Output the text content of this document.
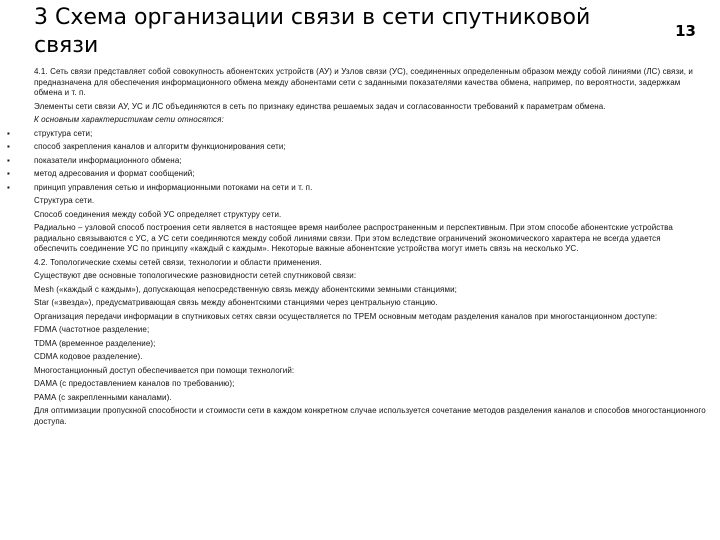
3 Схема организации связи в сети спутниковой связи
13
4.1. Сеть связи представляет собой совокупность абонентских устройств (АУ) и Узлов связи (УС), соединенных определенным образом между собой линиями (ЛС) связи, и предназначена для обеспечения информационного обмена между абонентами сети с заданными показателями качества обмена, например, по вероятности, задержкам обмена и т. п.
Элементы сети связи АУ, УС и ЛС объединяются в сеть по признаку единства решаемых задач и согласованности требований к параметрам обмена.
К основным характеристикам сети относятся:
▪	структура сети;
▪	способ закрепления каналов и алгоритм функционирования сети;
▪	показатели информационного обмена;
▪	метод адресования и формат сообщений;
▪	принцип управления сетью и информационными потоками на сети и т. п.
Структура сети.
Способ соединения между собой УС определяет структуру сети.
Радиально – узловой способ построения сети является в настоящее время наиболее распространенным и перспективным. При этом способе абонентские устройства радиально связываются с УС, а УС сети соединяются между собой линиями связи. При этом вследствие ограничений экономического характера не всегда удается обеспечить соединение УС по принципу «каждый с каждым». Некоторые важные абонентские устройства могут иметь связь на несколько УС.
4.2. Топологические схемы сетей связи, технологии и области применения.
Существуют две основные топологические разновидности сетей спутниковой связи:
Mesh («каждый с каждым»), допускающая непосредственную связь между абонентскими земными станциями;
Star («звезда»), предусматривающая связь между абонентскими станциями через центральную станцию.
Организация передачи информации в спутниковых сетях связи осуществляется по ТРЕМ основным методам разделения каналов при многостанционном доступе:
FDMA (частотное разделение;
TDMA (временное разделение);
CDMA кодовое разделение).
Многостанционный доступ обеспечивается при помощи технологий:
DAMA (с предоставлением каналов по требованию);
PAMA (с закрепленными каналами).
Для оптимизации пропускной способности и стоимости сети в каждом конкретном случае используется сочетание методов разделения каналов и способов многостанционного доступа.
